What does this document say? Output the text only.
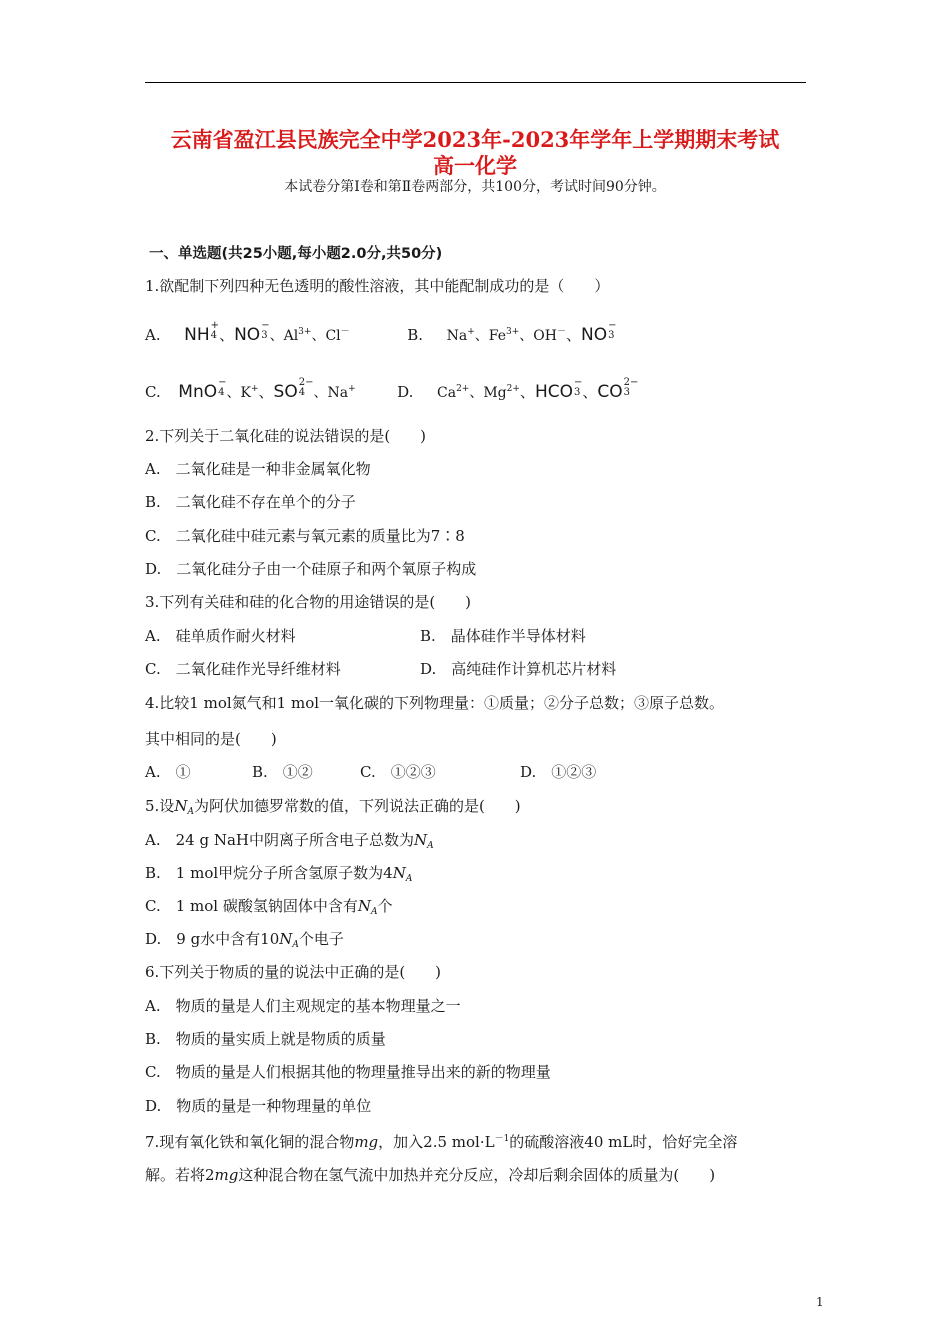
云南省盈江县民族完全中学2023年-2023年学年上学期期末考试
高一化学
本试卷分第Ⅰ卷和第Ⅱ卷两部分，共100分，考试时间90分钟。
一、单选题(共25小题,每小题2.0分,共50分)
1.欲配制下列四种无色透明的酸性溶液，其中能配制成功的是（　　）
A. NH +
4 、 NO −
3 、$Al^{3+}$、Cl－	B. Na+、$Fe^{3+}$、OH－、 NO −
3
C. MnO −
4 、K+、 SO 2−
4 、Na+	D. $Ca^{2+}$、$Mg^{2+}$、 HCO −
3 、 CO 2−
3
2.下列关于二氧化硅的说法错误的是(　　)
A.　二氧化硅是一种非金属氧化物
B.　二氧化硅不存在单个的分子
C.　二氧化硅中硅元素与氧元素的质量比为7∶8
D.　二氧化硅分子由一个硅原子和两个氧原子构成
3.下列有关硅和硅的化合物的用途错误的是(　　)
A.　硅单质作耐火材料	B.　晶体硅作半导体材料
C.　二氧化硅作光导纤维材料	D.　高纯硅作计算机芯片材料
4.比较1 mol氮气和1 mol一氧化碳的下列物理量：①质量；②分子总数；③原子总数。
其中相同的是(　　)
A.　①	B.　①②	C.　①②③	D.　①②③
5.设$N_A$为阿伏加德罗常数的值，下列说法正确的是(　　)
A.　24 g NaH中阴离子所含电子总数为$N_A$
B.　1 mol甲烷分子所含氢原子数为$4N_A$
C.　1 mol 碳酸氢钠固体中含有$N_A$个
D.　9 g水中含有$10N_A$个电子
6.下列关于物质的量的说法中正确的是(　　)
A.　物质的量是人们主观规定的基本物理量之一
B.　物质的量实质上就是物质的质量
C.　物质的量是人们根据其他的物理量推导出来的新的物理量
D.　物质的量是一种物理量的单位
7.现有氧化铁和氧化铜的混合物mg，加入2.5 $mol\cdot L^{-1}$的硫酸溶液40 mL时，恰好完全溶
解。若将2mg这种混合物在氢气流中加热并充分反应，冷却后剩余固体的质量为(　　)
1
